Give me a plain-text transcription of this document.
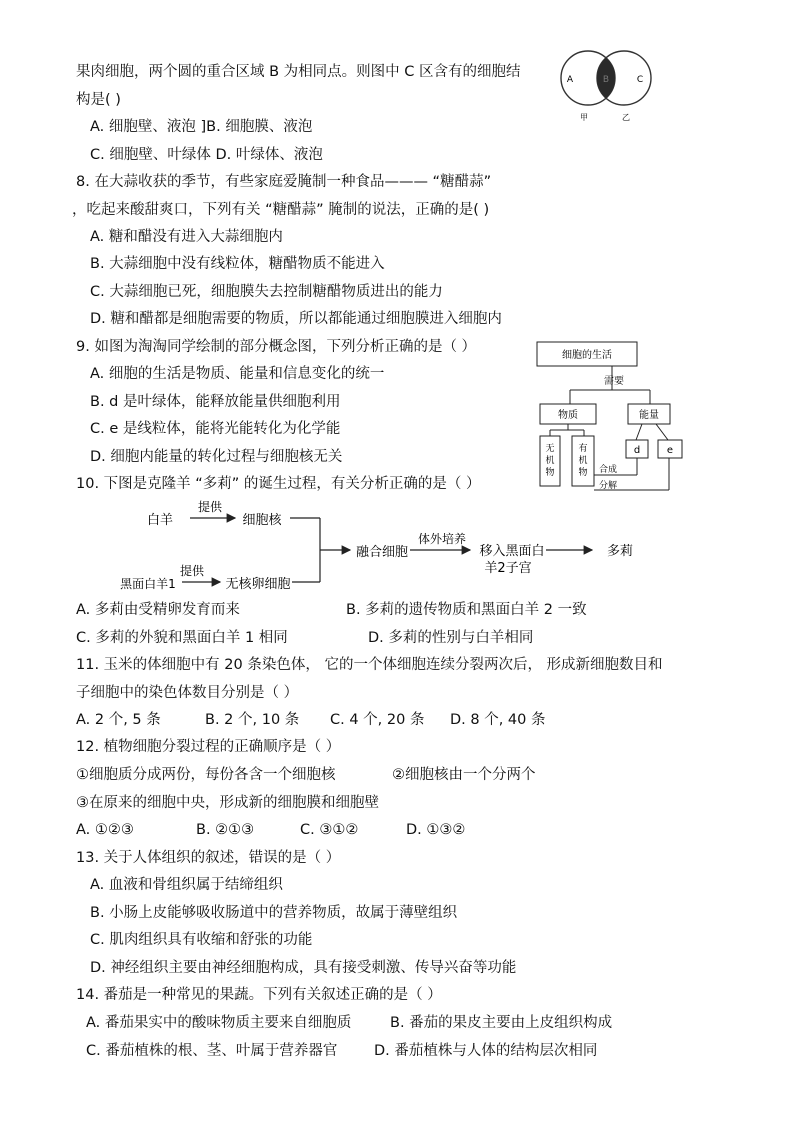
果肉细胞，两个圆的重合区域 B 为相同点。则图中 C 区含有的细胞结
构是( )
A. 细胞壁、液泡 ]B. 细胞膜、液泡
C. 细胞壁、叶绿体 D. 叶绿体、液泡
A	B	C
甲	乙
8. 在大蒜收获的季节，有些家庭爱腌制一种食品——— “糖醋蒜”
，吃起来酸甜爽口，下列有关 “糖醋蒜” 腌制的说法，正确的是( )
A. 糖和醋没有进入大蒜细胞内
B. 大蒜细胞中没有线粒体，糖醋物质不能进入
C. 大蒜细胞已死，细胞膜失去控制糖醋物质进出的能力
D. 糖和醋都是细胞需要的物质，所以都能通过细胞膜进入细胞内
9. 如图为淘淘同学绘制的部分概念图，下列分析正确的是（ ）
A. 细胞的生活是物质、能量和信息变化的统一
B. d 是叶绿体，能释放能量供细胞利用
C. e 是线粒体，能将光能转化为化学能
D. 细胞内能量的转化过程与细胞核无关
细胞的生活
需要
物质	能量
无机物
有机物
d	e
合成
分解
10. 下图是克隆羊 “多莉” 的诞生过程，有关分析正确的是（ ）
白羊
提供
细胞核
黑面白羊1
提供
无核卵细胞
融合细胞
体外培养
移入黑面白
羊2子宫
多莉
A. 多莉由受精卵发育而来	B. 多莉的遗传物质和黑面白羊 2 一致
C. 多莉的外貌和黑面白羊 1 相同	D. 多莉的性别与白羊相同
11. 玉米的体细胞中有 20 条染色体， 它的一个体细胞连续分裂两次后， 形成新细胞数目和
子细胞中的染色体数目分别是（ ）
A. 2 个, 5 条	B. 2 个, 10 条 C. 4 个, 20 条 D. 8 个, 40 条
12. 植物细胞分裂过程的正确顺序是（ ）
①细胞质分成两份，每份各含一个细胞核	②细胞核由一个分两个
③在原来的细胞中央，形成新的细胞膜和细胞壁
A. ①②③	B. ②①③	C. ③①②	D. ①③②
13. 关于人体组织的叙述，错误的是（ ）
A. 血液和骨组织属于结缔组织
B. 小肠上皮能够吸收肠道中的营养物质，故属于薄壁组织
C. 肌肉组织具有收缩和舒张的功能
D. 神经组织主要由神经细胞构成，具有接受刺激、传导兴奋等功能
14. 番茄是一种常见的果蔬。下列有关叙述正确的是（ ）
A. 番茄果实中的酸味物质主要来自细胞质	B. 番茄的果皮主要由上皮组织构成
C. 番茄植株的根、茎、叶属于营养器官	D. 番茄植株与人体的结构层次相同
